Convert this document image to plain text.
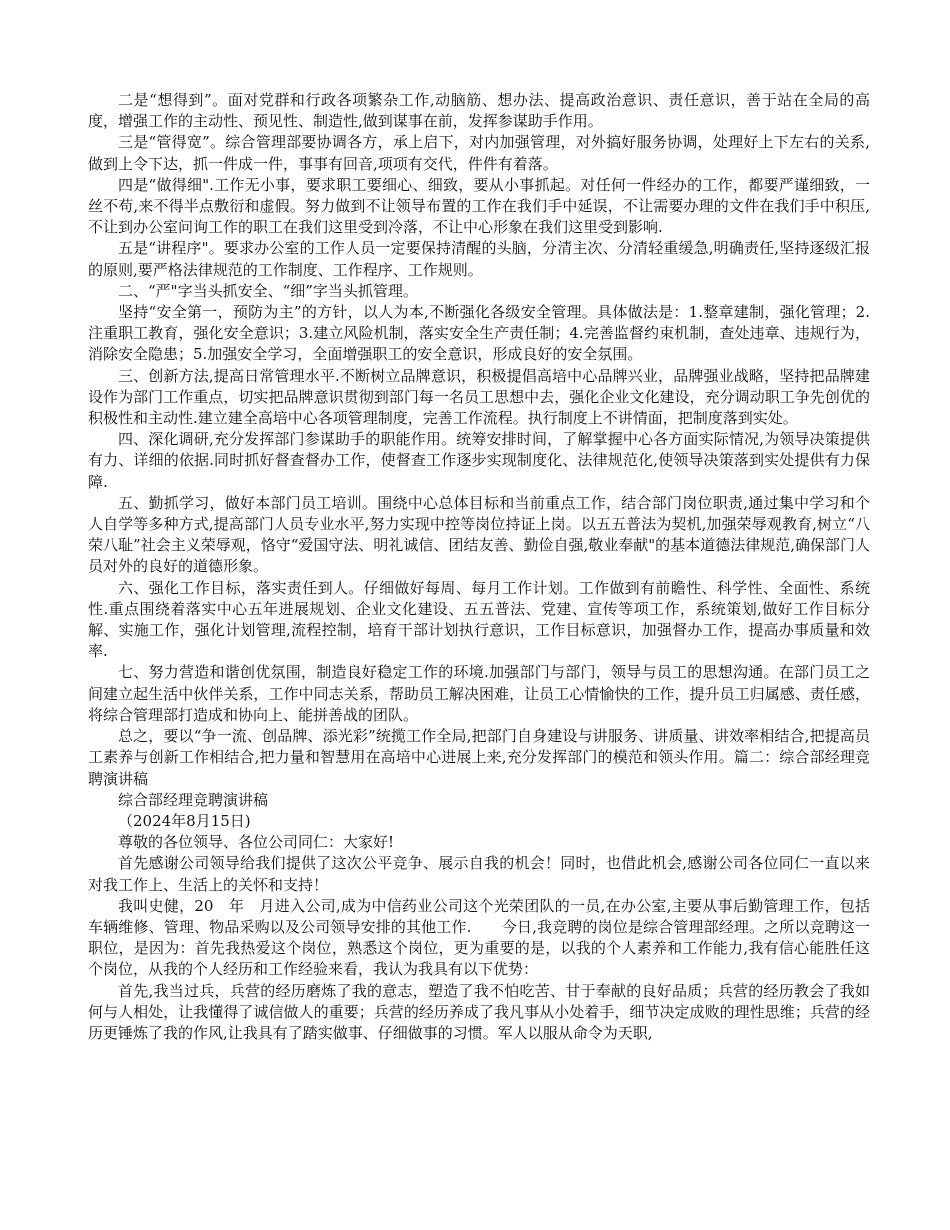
二是“想得到”。面对党群和行政各项繁杂工作,动脑筋、想办法、提高政治意识、责任意识，善于站在全局的高度，增强工作的主动性、预见性、制造性,做到谋事在前，发挥参谋助手作用。

三是“管得宽”。综合管理部要协调各方，承上启下，对内加强管理，对外搞好服务协调，处理好上下左右的关系,做到上令下达，抓一件成一件，事事有回音,项项有交代，件件有着落。

四是“做得细".工作无小事，要求职工要细心、细致，要从小事抓起。对任何一件经办的工作，都要严谨细致，一丝不苟,来不得半点敷衍和虚假。努力做到不让领导布置的工作在我们手中延误，不让需要办理的文件在我们手中积压,不让到办公室问询工作的职工在我们这里受到冷落，不让中心形象在我们这里受到影响.

五是“讲程序"。要求办公室的工作人员一定要保持清醒的头脑，分清主次、分清轻重缓急,明确责任,坚持逐级汇报的原则,要严格法律规范的工作制度、工作程序、工作规则。

二、“严"字当头抓安全、“细”字当头抓管理。

坚持“安全第一，预防为主”的方针，以人为本,不断强化各级安全管理。具体做法是：1.整章建制，强化管理；2.注重职工教育，强化安全意识；3.建立风险机制，落实安全生产责任制；4.完善监督约束机制，查处违章、违规行为，消除安全隐患；5.加强安全学习，全面增强职工的安全意识，形成良好的安全氛围。

三、创新方法,提高日常管理水平.不断树立品牌意识，积极提倡高培中心品牌兴业，品牌强业战略，坚持把品牌建设作为部门工作重点，切实把品牌意识贯彻到部门每一名员工思想中去，强化企业文化建设，充分调动职工争先创优的积极性和主动性.建立建全高培中心各项管理制度，完善工作流程。执行制度上不讲情面，把制度落到实处。

四、深化调研,充分发挥部门参谋助手的职能作用。统筹安排时间，了解掌握中心各方面实际情况,为领导决策提供有力、详细的依据.同时抓好督查督办工作，使督查工作逐步实现制度化、法律规范化,使领导决策落到实处提供有力保障.

五、勤抓学习，做好本部门员工培训。围绕中心总体目标和当前重点工作，结合部门岗位职责,通过集中学习和个人自学等多种方式,提高部门人员专业水平,努力实现中控等岗位持证上岗。以五五普法为契机,加强荣辱观教育,树立“八荣八耻”社会主义荣辱观，恪守“爱国守法、明礼诚信、团结友善、勤俭自强,敬业奉献"的基本道德法律规范,确保部门人员对外的良好的道德形象。

六、强化工作目标，落实责任到人。仔细做好每周、每月工作计划。工作做到有前瞻性、科学性、全面性、系统性.重点围绕着落实中心五年进展规划、企业文化建设、五五普法、党建、宣传等项工作，系统策划,做好工作目标分解、实施工作，强化计划管理,流程控制，培育干部计划执行意识，工作目标意识，加强督办工作，提高办事质量和效率.

七、努力营造和谐创优氛围，制造良好稳定工作的环境.加强部门与部门，领导与员工的思想沟通。在部门员工之间建立起生活中伙伴关系，工作中同志关系，帮助员工解决困难，让员工心情愉快的工作，提升员工归属感、责任感，将综合管理部打造成和协向上、能拼善战的团队。

总之，要以“争一流、创品牌、添光彩”统揽工作全局,把部门自身建设与讲服务、讲质量、讲效率相结合,把提高员工素养与创新工作相结合,把力量和智慧用在高培中心进展上来,充分发挥部门的模范和领头作用。篇二：综合部经理竞聘演讲稿

综合部经理竞聘演讲稿

（2024年8月15日)

尊敬的各位领导、各位公司同仁：大家好!

首先感谢公司领导给我们提供了这次公平竞争、展示自我的机会！同时，也借此机会,感谢公司各位同仁一直以来对我工作上、生活上的关怀和支持！

我叫史健，20　年　月进入公司,成为中信药业公司这个光荣团队的一员,在办公室,主要从事后勤管理工作，包括车辆维修、管理、物品采购以及公司领导安排的其他工作.　　今日,我竞聘的岗位是综合管理部经理。之所以竞聘这一职位，是因为：首先我热爱这个岗位，熟悉这个岗位，更为重要的是，以我的个人素养和工作能力,我有信心能胜任这个岗位，从我的个人经历和工作经验来看，我认为我具有以下优势：

首先,我当过兵，兵营的经历磨炼了我的意志，塑造了我不怕吃苦、甘于奉献的良好品质；兵营的经历教会了我如何与人相处，让我懂得了诚信做人的重要；兵营的经历养成了我凡事从小处着手，细节决定成败的理性思维；兵营的经历更锤炼了我的作风,让我具有了踏实做事、仔细做事的习惯。军人以服从命令为天职,
